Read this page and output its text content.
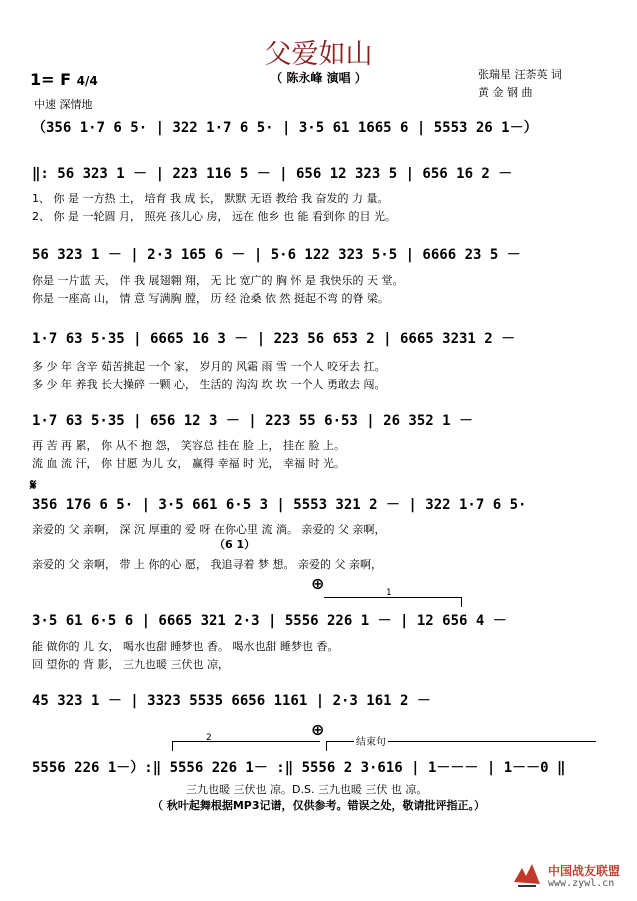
父爱如山
（ 陈永峰 演唱 ）
1= F 4/4
中速 深情地
张瑞星 汪荼英 词
黄 金 钢 曲
（356 1·7 6 5· | 322 1·7 6 5· | 3·5 61 1665 6 | 5553 26 1－）
‖: 56 323 1 － | 223 116 5 － | 656 12 323 5 | 656 16 2 －
1、 你 是 一方热 土， 培育 我 成 长， 默默 无语 教给 我 奋发的 力 量。
2、 你 是 一轮圆 月， 照亮 孩儿心 房， 远在 他乡 也 能 看到你 的目 光。
56 323 1 － | 2·3 165 6 － | 5·6 122 323 5·5 | 6666 23 5 －
你是 一片蓝 天， 伴 我 展翅翱 翔， 无 比 宽广的 胸 怀 是 我快乐的 天 堂。
你是 一座高 山， 情 意 写满胸 膛， 历 经 沧桑 依 然 挺起不弯 的脊 梁。
1·7 63 5·35 | 6665 16 3 － | 223 56 653 2 | 6665 3231 2 －
多 少 年 含辛 茹苦挑起 一个 家， 岁月的 风霜 雨 雪 一个人 咬牙去 扛。
多 少 年 养我 长大操碎 一颗 心， 生活的 沟沟 坎 坎 一个人 勇敢去 闯。
1·7 63 5·35 | 656 12 3 － | 223 55 6·53 | 26 352 1 －
再 苦 再 累， 你 从不 抱 怨， 笑容总 挂在 脸 上， 挂在 脸 上。
流 血 流 汗， 你 甘愿 为儿 女， 赢得 幸福 时 光， 幸福 时 光。
𝄋
356 176 6 5· | 3·5 661 6·5 3 | 5553 321 2 － | 322 1·7 6 5·
亲爱的 父 亲啊， 深 沉 厚重的 爱 呀 在你心里 流 淌。 亲爱的 父 亲啊，
（6 1）
亲爱的 父 亲啊， 带 上 你的心 愿， 我追寻着 梦 想。 亲爱的 父 亲啊，
⊕	1
3·5 61 6·5 6 | 6665 321 2·3 | 5556 226 1 － | 12 656 4 －
能 做你的 儿 女， 喝水也甜 睡梦也 香。 喝水也甜 睡梦也 香。
回 望你的 背 影， 三九也暖 三伏也 凉，
45 323 1 － | 3323 5535 6656 1161 | 2·3 161 2 －
⊕
2	结束句
5556 226 1－）:‖ 5556 226 1－ :‖ 5556 2 3·616 | 1－－－ | 1－－0 ‖
三九也暖 三伏也 凉。D.S. 三九也暖 三伏 也 凉。
（ 秋叶起舞根据MP3记谱，仅供参考。错误之处，敬请批评指正。）
中国战友联盟
www.zywl.cn
